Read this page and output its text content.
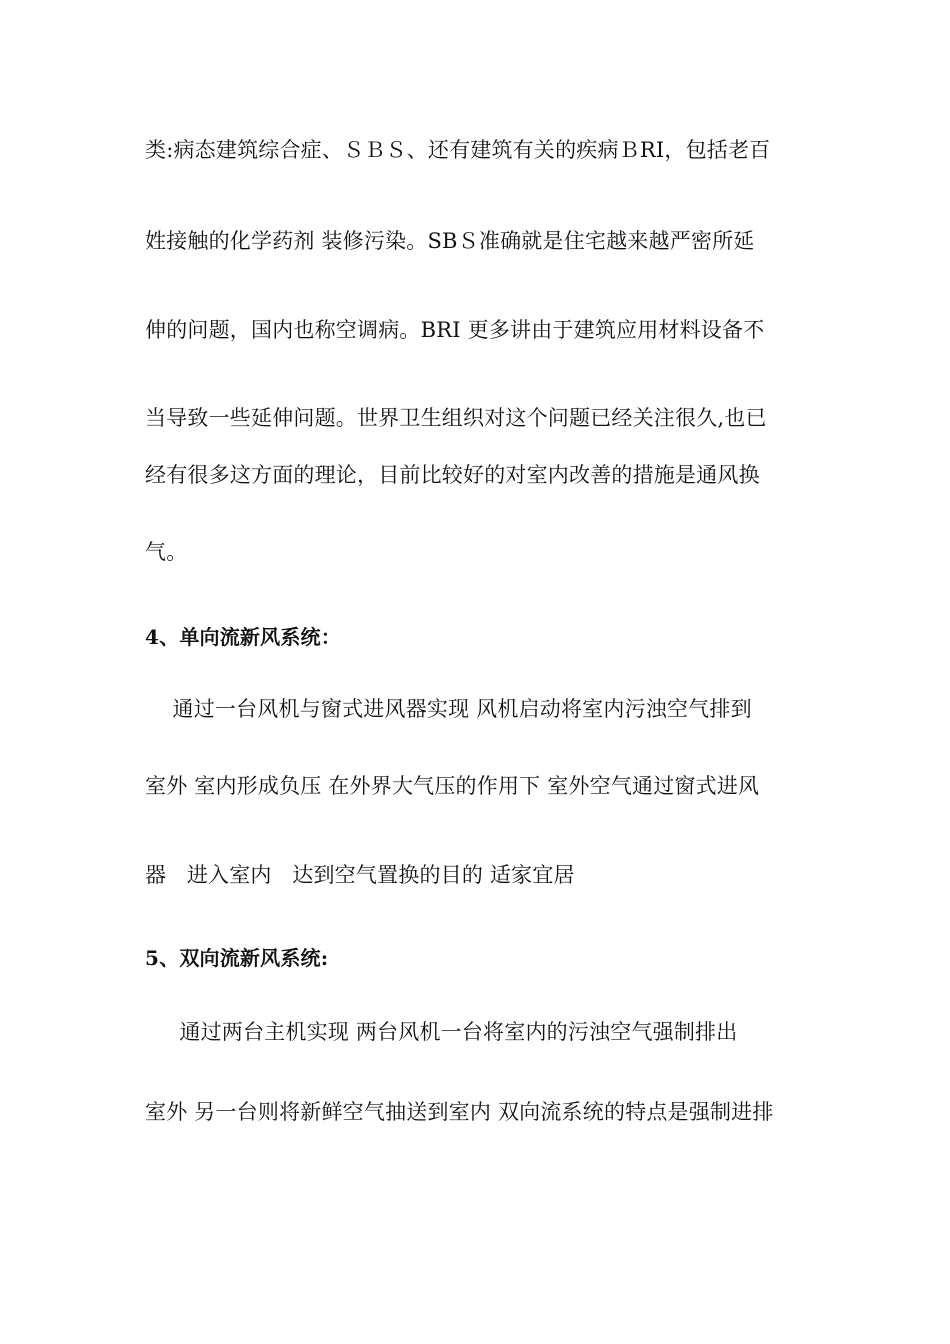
类:病态建筑综合症、ＳＢＳ、还有建筑有关的疾病ＢRI，包括老百
姓接触的化学药剂 装修污染。SBＳ准确就是住宅越来越严密所延
伸的问题，国内也称空调病。BRI 更多讲由于建筑应用材料设备不
当导致一些延伸问题。世界卫生组织对这个问题已经关注很久,也已
经有很多这方面的理论，目前比较好的对室内改善的措施是通风换
气。
4、单向流新风系统：
通过一台风机与窗式进风器实现 风机启动将室内污浊空气排到
室外 室内形成负压 在外界大气压的作用下 室外空气通过窗式进风
器   进入室内   达到空气置换的目的 适家宜居
5、双向流新风系统:
通过两台主机实现 两台风机一台将室内的污浊空气强制排出
室外 另一台则将新鲜空气抽送到室内 双向流系统的特点是强制进排
